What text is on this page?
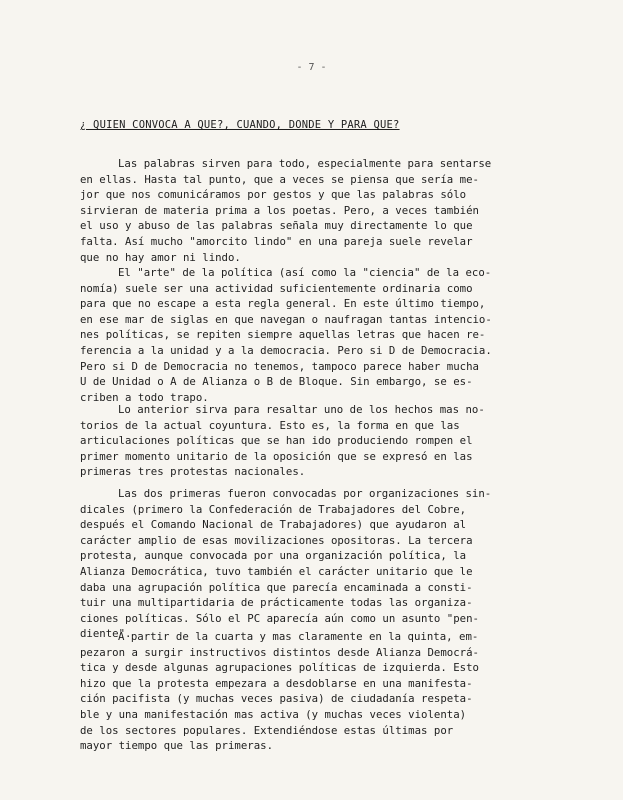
- 7 -
¿ QUIEN CONVOCA A QUE?, CUANDO, DONDE Y PARA QUE?

Las palabras sirven para todo, especialmente para sentarse
en ellas. Hasta tal punto, que a veces se piensa que sería me-
jor que nos comunicáramos por gestos y que las palabras sólo
sirvieran de materia prima a los poetas. Pero, a veces también
el uso y abuso de las palabras señala muy directamente lo que
falta. Así mucho "amorcito lindo" en una pareja suele revelar
que no hay amor ni lindo.

El "arte" de la política (así como la "ciencia" de la eco-
nomía) suele ser una actividad suficientemente ordinaria como
para que no escape a esta regla general. En este último tiempo,
en ese mar de siglas en que navegan o naufragan tantas intencio-
nes políticas, se repiten siempre aquellas letras que hacen re-
ferencia a la unidad y a la democracia. Pero si D de Democracia.
Pero si D de Democracia no tenemos, tampoco parece haber mucha
U de Unidad o A de Alianza o B de Bloque. Sin embargo, se es-
criben a todo trapo.

Lo anterior sirva para resaltar uno de los hechos mas no-
torios de la actual coyuntura. Esto es, la forma en que las
articulaciones políticas que se han ido produciendo rompen el
primer momento unitario de la oposición que se expresó en las
primeras tres protestas nacionales.

Las dos primeras fueron convocadas por organizaciones sin-
dicales (primero la Confederación de Trabajadores del Cobre,
después el Comando Nacional de Trabajadores) que ayudaron al
carácter amplio de esas movilizaciones opositoras. La tercera
protesta, aunque convocada por una organización política, la
Alianza Democrática, tuvo también el carácter unitario que le
daba una agrupación política que parecía encaminada a consti-
tuir una multipartidaria de prácticamente todas las organiza-
ciones políticas. Sólo el PC aparecía aún como un asunto "pen-
diente".

A partir de la cuarta y mas claramente en la quinta, em-
pezaron a surgir instructivos distintos desde Alianza Democrá-
tica y desde algunas agrupaciones políticas de izquierda. Esto
hizo que la protesta empezara a desdoblarse en una manifesta-
ción pacifista (y muchas veces pasiva) de ciudadanía respeta-
ble y una manifestación mas activa (y muchas veces violenta)
de los sectores populares. Extendiéndose estas últimas por
mayor tiempo que las primeras.
